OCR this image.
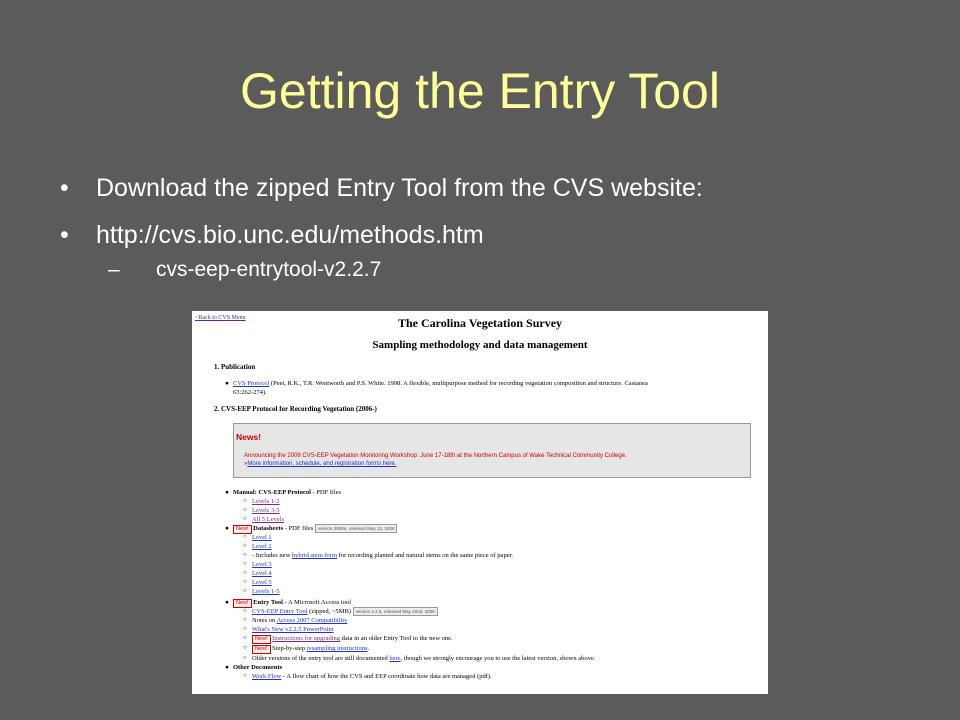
Getting the Entry Tool
• Download the zipped Entry Tool from the CVS website:
• http://cvs.bio.unc.edu/methods.htm
– cvs-eep-entrytool-v2.2.7
<Back to CVS Menu	The Carolina Vegetation Survey
Sampling methodology and data management
1. Publication
● CVS Protocol (Peet, R.K., T.R. Wentworth and P.S. White. 1998. A flexible, multipurpose method for recording vegetation composition and structure. Castanea
63:262-274).
2. CVS-EEP Protocol for Recording Vegetation (2006-)
News!
Announcing the 2008 CVS-EEP Vegetation Monitoring Workshop: June 17-18th at the Northern Campus of Wake Technical Community College.
»More information, schedule, and registration forms here.
● Manual: CVS-EEP Protocol - PDF files
○ Levels 1-2
○ Levels 3-5
○ All 5 Levels
● New! Datasheets - PDF files version 2008a, released May 22, 2008
○ Level 1
○ Level 2
○ - Includes new hybrid stem form for recording planted and natural stems on the same piece of paper.
○ Level 3
○ Level 4
○ Level 5
○ Levels 1-5
● New! Entry Tool - A Microsoft Access tool
○ CVS-EEP Entry Tool (zipped, ~5MB) version 2.2.5, released May 22nd, 2008
○ Notes on Access 2007 Compatibility
○ What's New v2.2.5 PowerPoint
○ New! Instructions for upgrading data in an older Entry Tool to the new one.
○ New! Step-by-step resampling instructions.
○ Older versions of the entry tool are still documented here, though we strongly encourage you to use the latest version, shown above.
● Other Documents
○ Work Flow - A flow chart of how the CVS and EEP coordinate how data are managed (pdf).
